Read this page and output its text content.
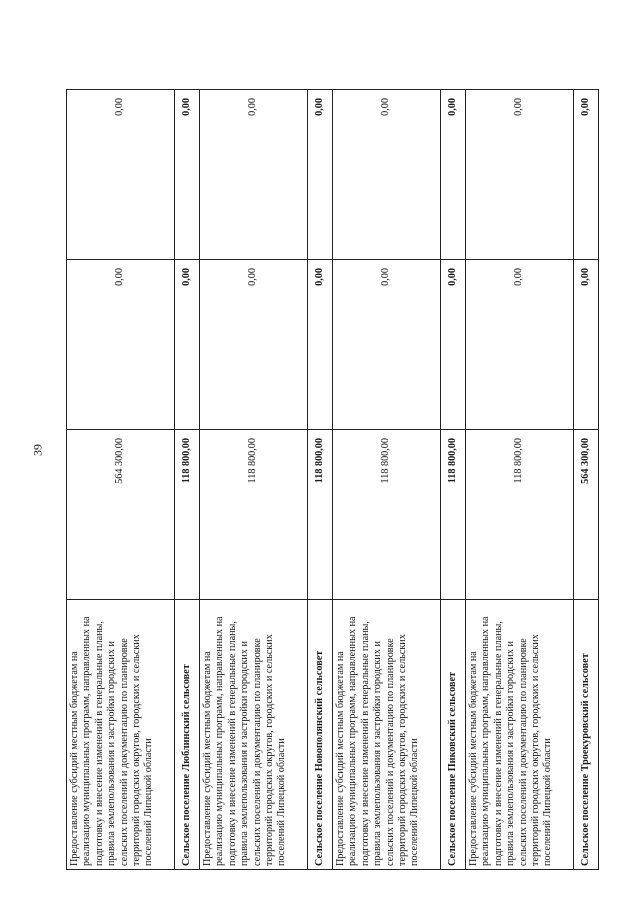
39
Предоставление субсидий местным бюджетам на реализацию муниципальных программ, направленных на подготовку и внесение изменений в генеральные планы, правила землепользования и застройки городских и сельских поселений и документацию по планировке территорий городских округов, городских и сельских поселений Липецкой области	564 300,00	0,00	0,00
Сельское поселение Люблинский сельсовет	118 800,00	0,00	0,00
Предоставление субсидий местным бюджетам на реализацию муниципальных программ, направленных на подготовку и внесение изменений в генеральные планы, правила землепользования и застройки городских и сельских поселений и документацию по планировке территорий городских округов, городских и сельских поселений Липецкой области	118 800,00	0,00	0,00
Сельское поселение Новополянский сельсовет	118 800,00	0,00	0,00
Предоставление субсидий местным бюджетам на реализацию муниципальных программ, направленных на подготовку и внесение изменений в генеральные планы, правила землепользования и застройки городских и сельских поселений и документацию по планировке территорий городских округов, городских и сельских поселений Липецкой области	118 800,00	0,00	0,00
Сельское поселение Пиковский сельсовет	118 800,00	0,00	0,00
Предоставление субсидий местным бюджетам на реализацию муниципальных программ, направленных на подготовку и внесение изменений в генеральные планы, правила землепользования и застройки городских и сельских поселений и документацию по планировке территорий городских округов, городских и сельских поселений Липецкой области	118 800,00	0,00	0,00
Сельское поселение Троекуровский сельсовет	564 300,00	0,00	0,00
